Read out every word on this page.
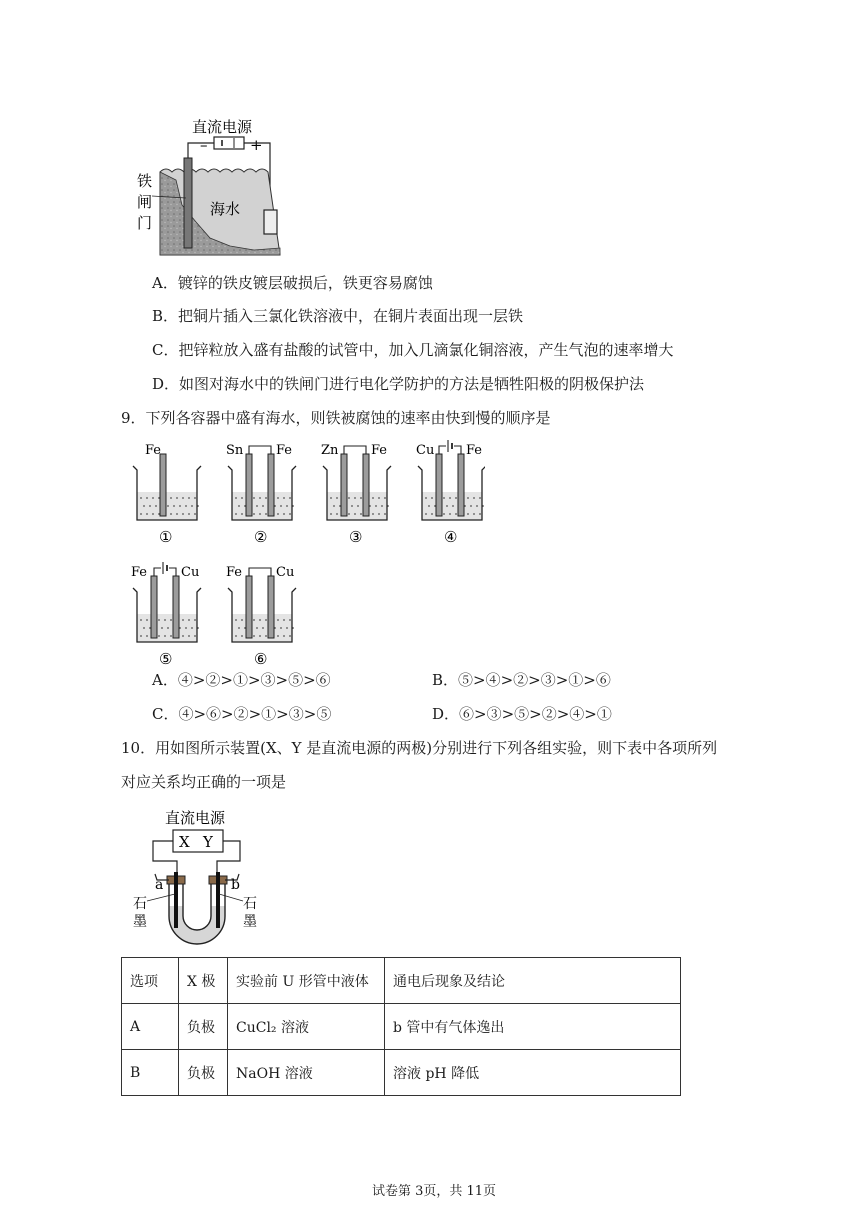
直流电源
–	+
海水
铁
闸
门
A．镀锌的铁皮镀层破损后，铁更容易腐蚀
B．把铜片插入三氯化铁溶液中，在铜片表面出现一层铁
C．把锌粒放入盛有盐酸的试管中，加入几滴氯化铜溶液，产生气泡的速率增大
D．如图对海水中的铁闸门进行电化学防护的方法是牺牲阳极的阴极保护法
9．下列各容器中盛有海水，则铁被腐蚀的速率由快到慢的顺序是
Fe
①
Sn	Fe
②
Zn	Fe
③
Cu Fe
④
Fe	Cu
⑤
Fe	Cu
⑥
A．④>②>①>③>⑤>⑥	B．⑤>④>②>③>①>⑥
C．④>⑥>②>①>③>⑤	D．⑥>③>⑤>②>④>①
10．用如图所示装置(X、Y 是直流电源的两极)分别进行下列各组实验，则下表中各项所列
对应关系均正确的一项是
直流电源
X Y
a	b
石
墨
石
墨
选项	X 极	实验前 U 形管中液体	通电后现象及结论
A	负极	CuCl₂ 溶液	b 管中有气体逸出
B	负极	NaOH 溶液	溶液 pH 降低
试卷第 3页，共 11页
